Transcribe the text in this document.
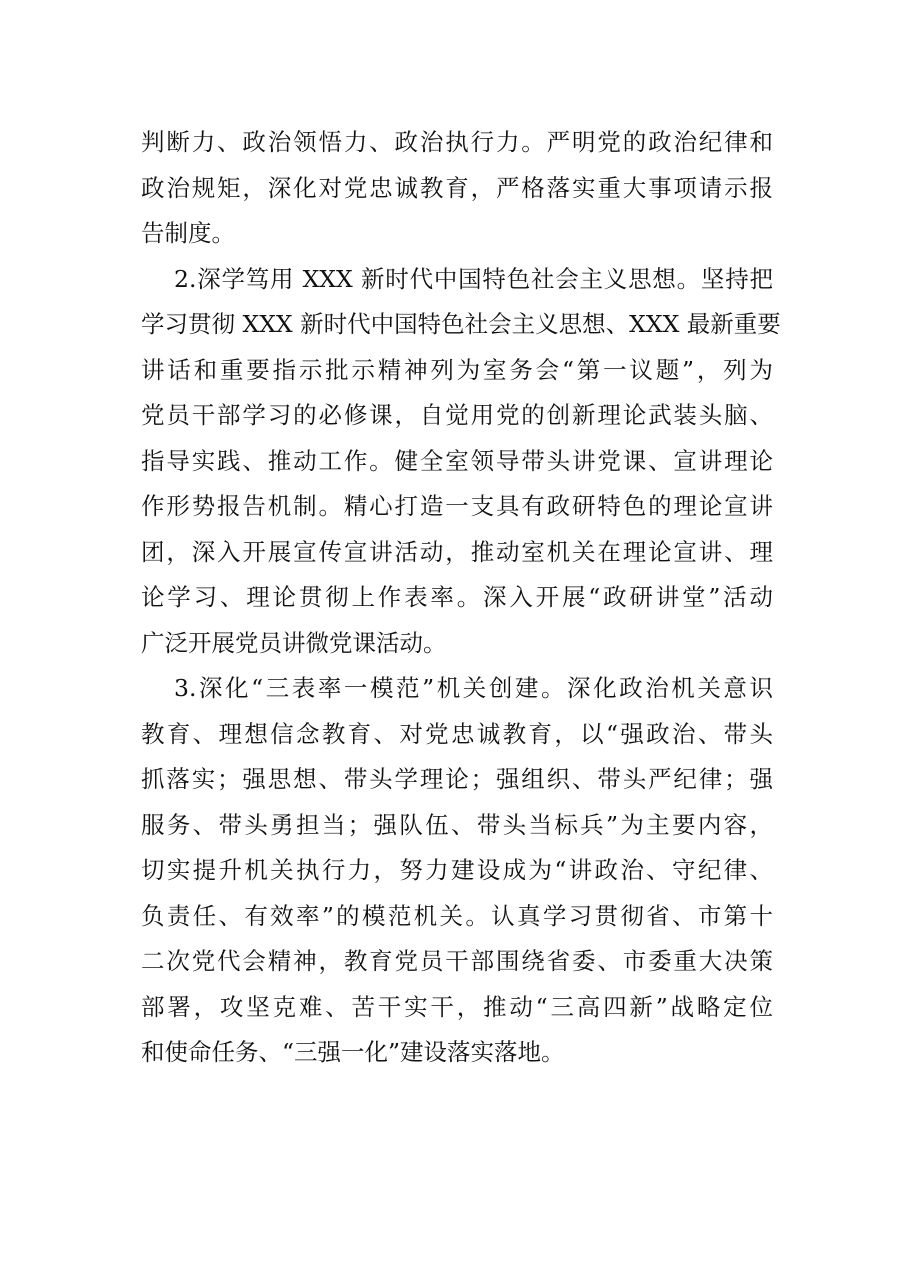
判断力、政治领悟力、政治执行力。严明党的政治纪律和
政治规矩，深化对党忠诚教育，严格落实重大事项请示报
告制度。
2.深学笃用 XXX 新时代中国特色社会主义思想。坚持把
学习贯彻 XXX 新时代中国特色社会主义思想、XXX 最新重要
讲话和重要指示批示精神列为室务会“第一议题”，列为
党员干部学习的必修课，自觉用党的创新理论武装头脑、
指导实践、推动工作。健全室领导带头讲党课、宣讲理论
作形势报告机制。精心打造一支具有政研特色的理论宣讲
团，深入开展宣传宣讲活动，推动室机关在理论宣讲、理
论学习、理论贯彻上作表率。深入开展“政研讲堂”活动
广泛开展党员讲微党课活动。
3.深化“三表率一模范”机关创建。深化政治机关意识
教育、理想信念教育、对党忠诚教育，以“强政治、带头
抓落实；强思想、带头学理论；强组织、带头严纪律；强
服务、带头勇担当；强队伍、带头当标兵”为主要内容，
切实提升机关执行力，努力建设成为“讲政治、守纪律、
负责任、有效率”的模范机关。认真学习贯彻省、市第十
二次党代会精神，教育党员干部围绕省委、市委重大决策
部署，攻坚克难、苦干实干，推动“三高四新”战略定位
和使命任务、“三强一化”建设落实落地。
